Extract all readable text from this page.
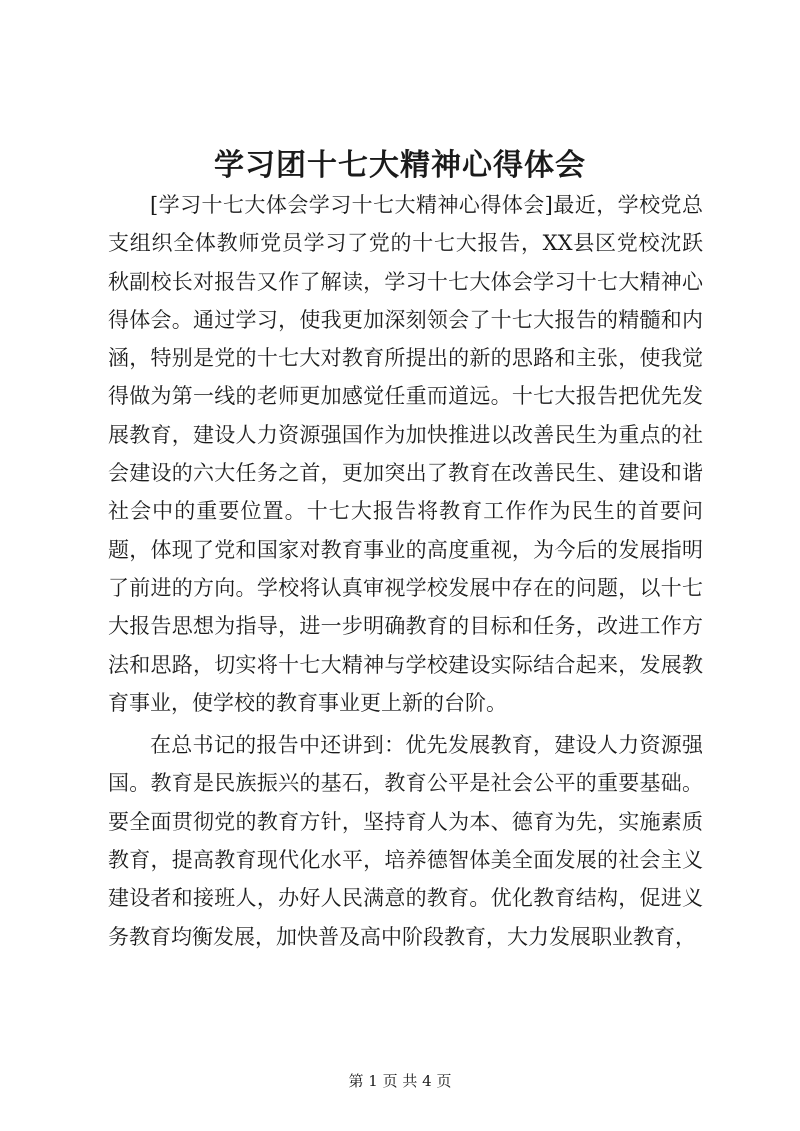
学习团十七大精神心得体会

[学习十七大体会学习十七大精神心得体会]最近，学校党总支组织全体教师党员学习了党的十七大报告，XX县区党校沈跃秋副校长对报告又作了解读，学习十七大体会学习十七大精神心得体会。通过学习，使我更加深刻领会了十七大报告的精髓和内涵，特别是党的十七大对教育所提出的新的思路和主张，使我觉得做为第一线的老师更加感觉任重而道远。十七大报告把优先发展教育，建设人力资源强国作为加快推进以改善民生为重点的社会建设的六大任务之首，更加突出了教育在改善民生、建设和谐社会中的重要位置。十七大报告将教育工作作为民生的首要问题，体现了党和国家对教育事业的高度重视，为今后的发展指明了前进的方向。学校将认真审视学校发展中存在的问题，以十七大报告思想为指导，进一步明确教育的目标和任务，改进工作方法和思路，切实将十七大精神与学校建设实际结合起来，发展教育事业，使学校的教育事业更上新的台阶。

在总书记的报告中还讲到：优先发展教育，建设人力资源强国。教育是民族振兴的基石，教育公平是社会公平的重要基础。要全面贯彻党的教育方针，坚持育人为本、德育为先，实施素质教育，提高教育现代化水平，培养德智体美全面发展的社会主义建设者和接班人，办好人民满意的教育。优化教育结构，促进义务教育均衡发展，加快普及高中阶段教育，大力发展职业教育，

第 1 页 共 4 页
